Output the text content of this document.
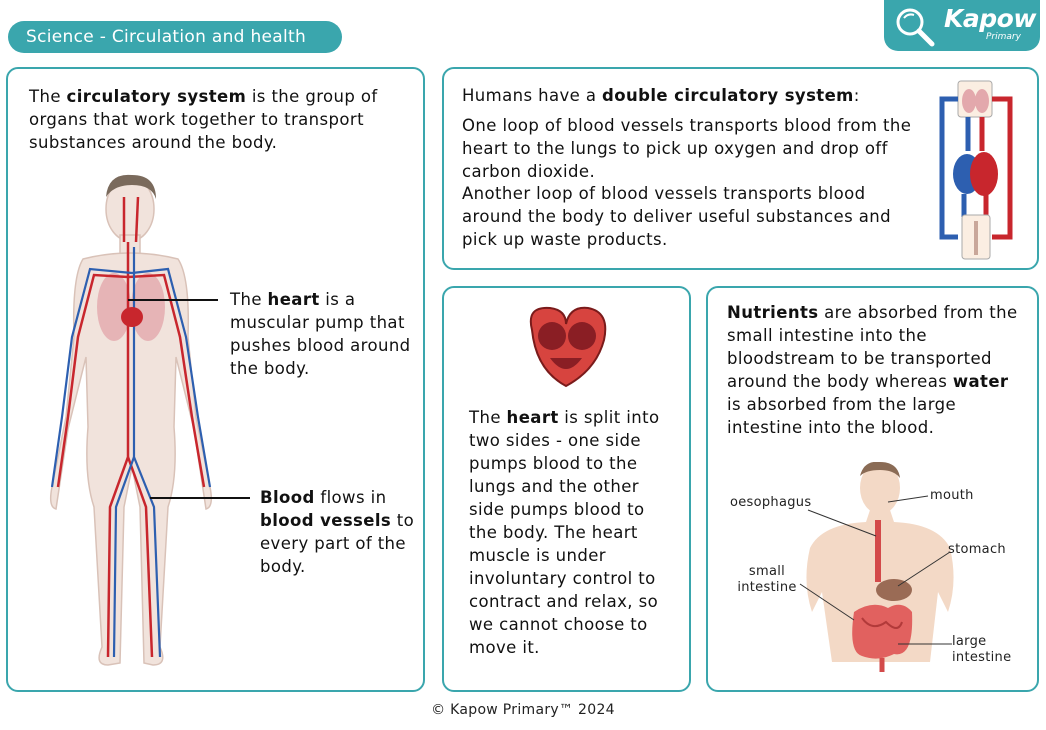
Science - Circulation and health
Kapow
Primary
The circulatory system is the group of organs that work together to transport substances around the body.
The heart is a muscular pump that pushes blood around the body.
Blood flows in blood vessels to every part of the body.
Humans have a double circulatory system:
One loop of blood vessels transports blood from the heart to the lungs to pick up oxygen and drop off carbon dioxide.
Another loop of blood vessels transports blood around the body to deliver useful substances and pick up waste products.
The heart is split into two sides - one side pumps blood to the lungs and the other side pumps blood to the body. The heart muscle is under involuntary control to contract and relax, so we cannot choose to move it.
Nutrients are absorbed from the small intestine into the bloodstream to be transported around the body whereas water is absorbed from the large intestine into the blood.
oesophagus	mouth
stomach
small intestine
large intestine
© Kapow Primary™ 2024
